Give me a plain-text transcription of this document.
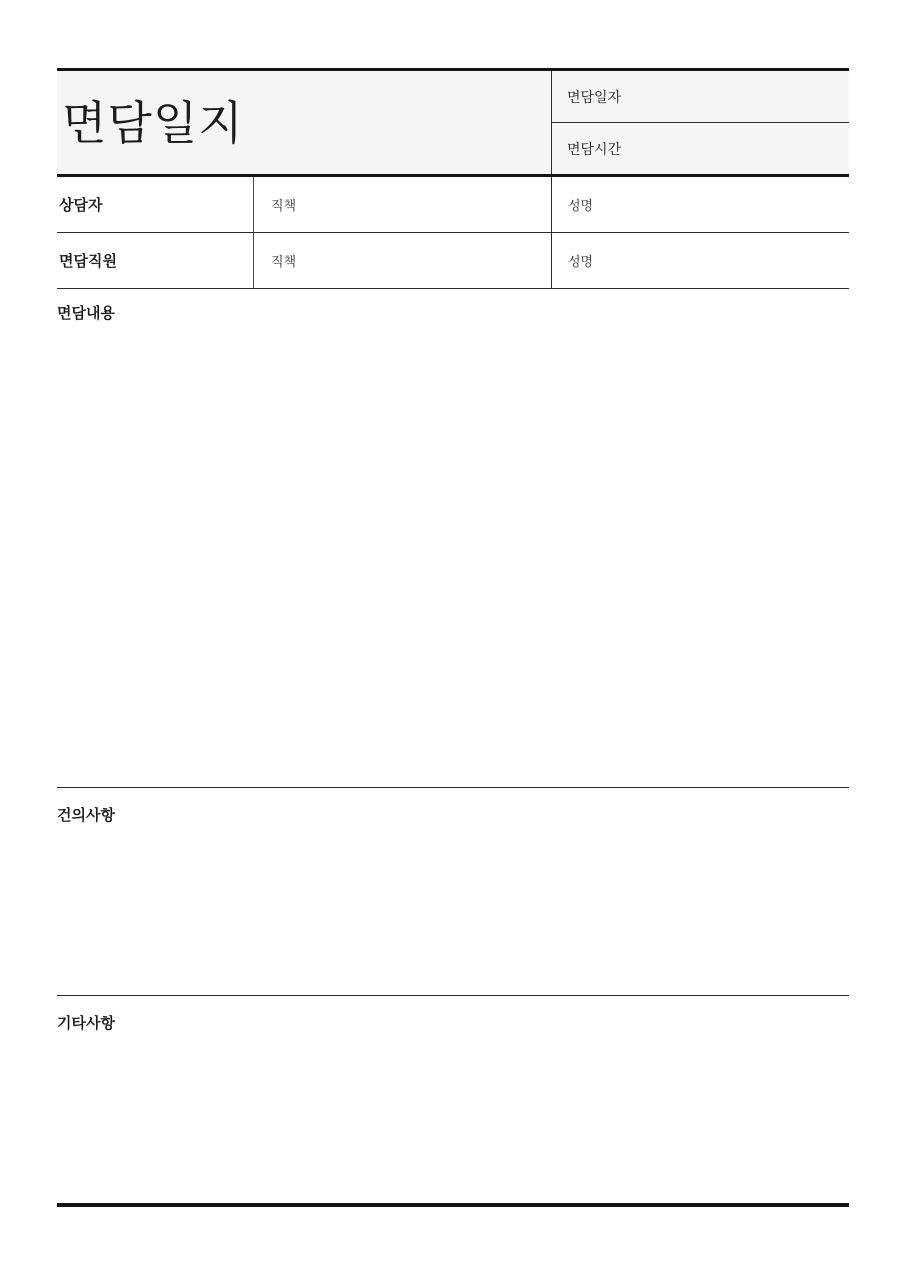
면담일지	면담일자
면담시간
상담자	직책	성명
면담직원	직책	성명
면담내용
건의사항
기타사항
